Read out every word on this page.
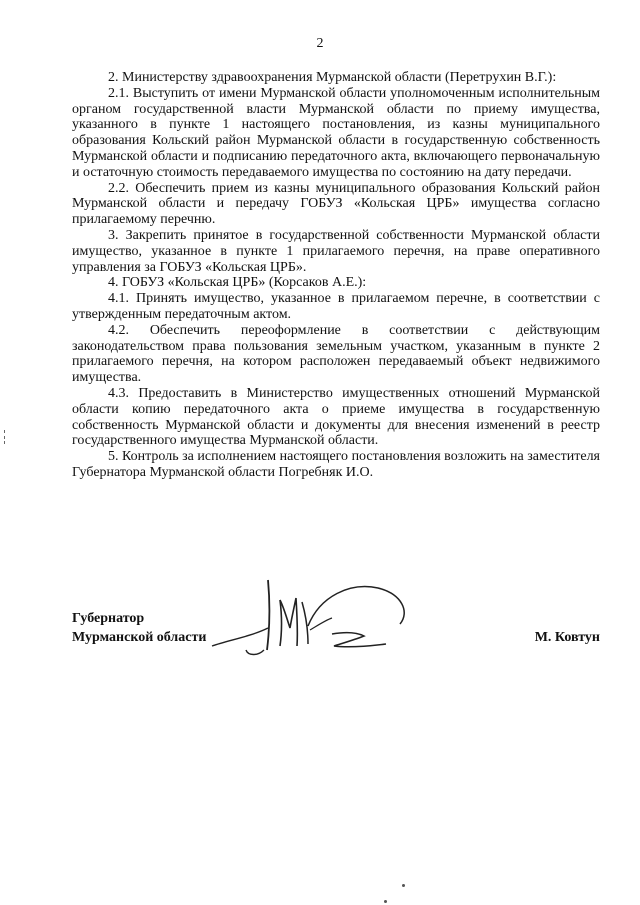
2

2. Министерству здравоохранения Мурманской области (Перетрухин В.Г.):

2.1. Выступить от имени Мурманской области уполномоченным исполнительным органом государственной власти Мурманской области по приему имущества, указанного в пункте 1 настоящего постановления, из казны муниципального образования Кольский район Мурманской области в государственную собственность Мурманской области и подписанию передаточного акта, включающего первоначальную и остаточную стоимость передаваемого имущества по состоянию на дату передачи.

2.2. Обеспечить прием из казны муниципального образования Кольский район Мурманской области и передачу ГОБУЗ «Кольская ЦРБ» имущества согласно прилагаемому перечню.

3. Закрепить принятое в государственной собственности Мурманской области имущество, указанное в пункте 1 прилагаемого перечня, на праве оперативного управления за ГОБУЗ «Кольская ЦРБ».

4. ГОБУЗ «Кольская ЦРБ» (Корсаков А.Е.):

4.1. Принять имущество, указанное в прилагаемом перечне, в соответствии с утвержденным передаточным актом.

4.2. Обеспечить переоформление в соответствии с действующим законодательством права пользования земельным участком, указанным в пункте 2 прилагаемого перечня, на котором расположен передаваемый объект недвижимого имущества.

4.3. Предоставить в Министерство имущественных отношений Мурманской области копию передаточного акта о приеме имущества в государственную собственность Мурманской области и документы для внесения изменений в реестр государственного имущества Мурманской области.

5. Контроль за исполнением настоящего постановления возложить на заместителя Губернатора Мурманской области Погребняк И.О.

Губернатор
Мурманской области	М. Ковтун
